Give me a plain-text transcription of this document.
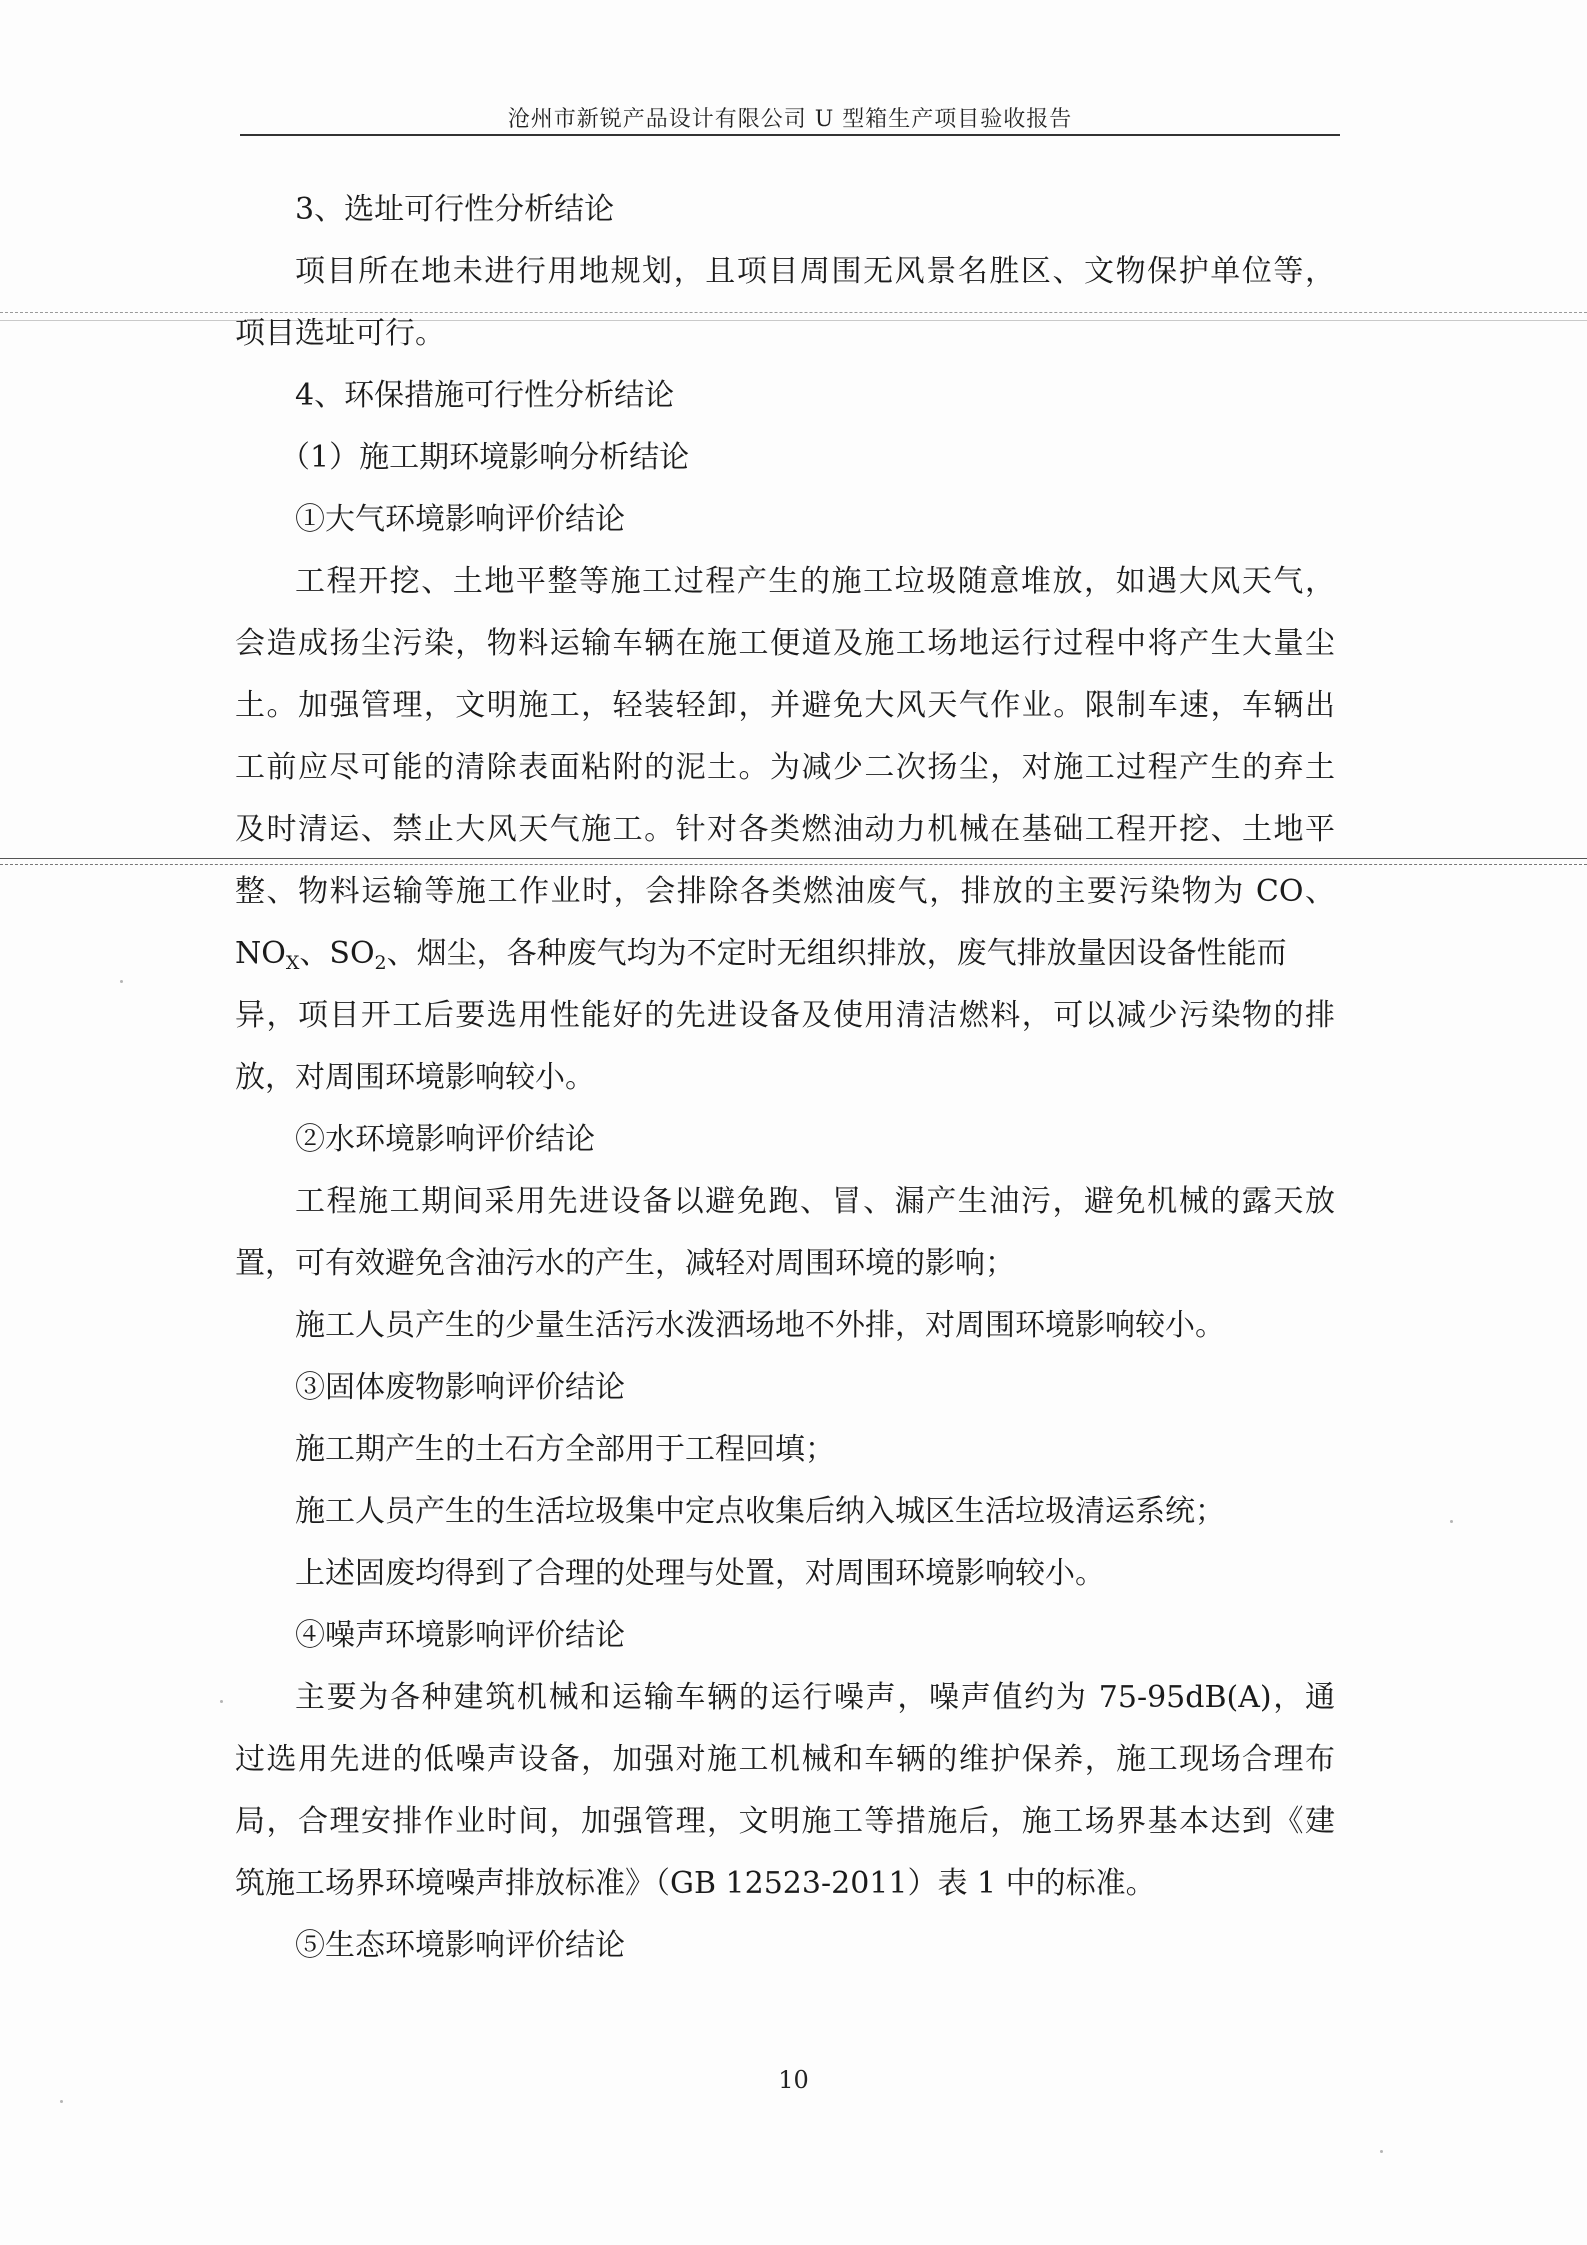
沧州市新锐产品设计有限公司 U 型箱生产项目验收报告
3、选址可行性分析结论
项目所在地未进行用地规划，且项目周围无风景名胜区、文物保护单位等，
项目选址可行。
4、环保措施可行性分析结论
（1）施工期环境影响分析结论
①大气环境影响评价结论
工程开挖、土地平整等施工过程产生的施工垃圾随意堆放，如遇大风天气，
会造成扬尘污染，物料运输车辆在施工便道及施工场地运行过程中将产生大量尘
土。加强管理，文明施工，轻装轻卸，并避免大风天气作业。限制车速，车辆出
工前应尽可能的清除表面粘附的泥土。为减少二次扬尘，对施工过程产生的弃土
及时清运、禁止大风天气施工。针对各类燃油动力机械在基础工程开挖、土地平
整、物料运输等施工作业时，会排除各类燃油废气，排放的主要污染物为 CO、
$NO_X$、$SO_2$、烟尘，各种废气均为不定时无组织排放，废气排放量因设备性能而
异，项目开工后要选用性能好的先进设备及使用清洁燃料，可以减少污染物的排
放，对周围环境影响较小。
②水环境影响评价结论
工程施工期间采用先进设备以避免跑、冒、漏产生油污，避免机械的露天放
置，可有效避免含油污水的产生，减轻对周围环境的影响；
施工人员产生的少量生活污水泼洒场地不外排，对周围环境影响较小。
③固体废物影响评价结论
施工期产生的土石方全部用于工程回填；
施工人员产生的生活垃圾集中定点收集后纳入城区生活垃圾清运系统；
上述固废均得到了合理的处理与处置，对周围环境影响较小。
④噪声环境影响评价结论
主要为各种建筑机械和运输车辆的运行噪声，噪声值约为 75-95dB(A)，通
过选用先进的低噪声设备，加强对施工机械和车辆的维护保养，施工现场合理布
局，合理安排作业时间，加强管理，文明施工等措施后，施工场界基本达到《建
筑施工场界环境噪声排放标准》（GB 12523-2011）表 1 中的标准。
⑤生态环境影响评价结论
10
